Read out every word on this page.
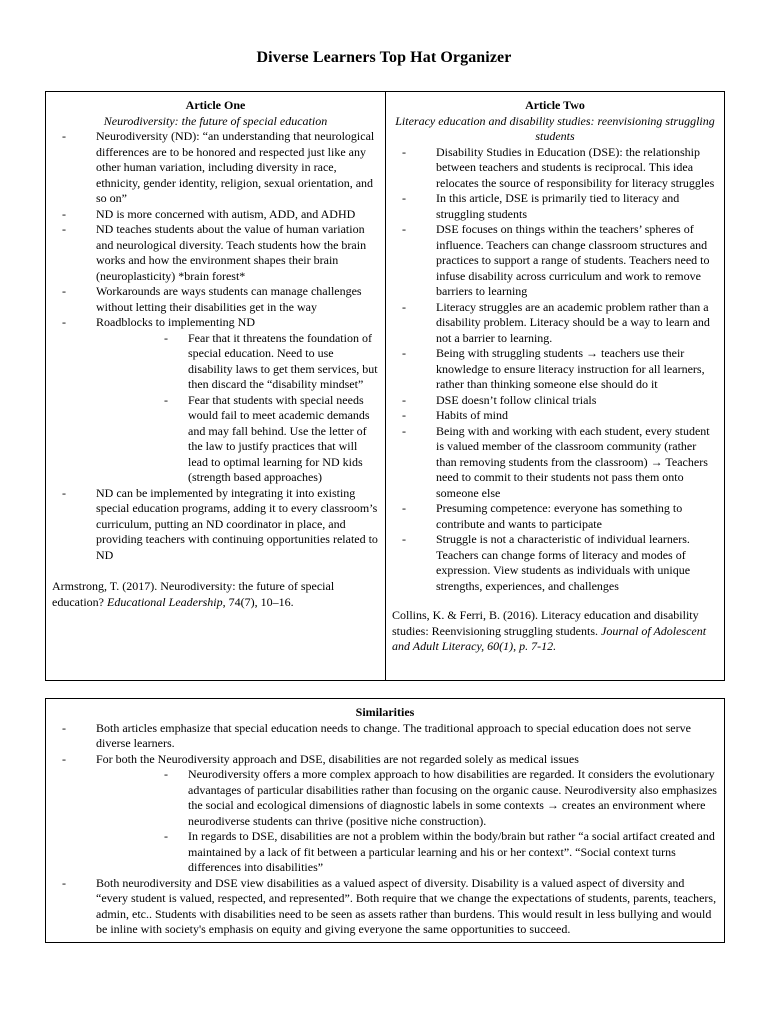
Diverse Learners Top Hat Organizer
Article One
Neurodiversity: the future of special education
- Neurodiversity (ND): “an understanding that neurological differences are to be honored and respected just like any other human variation, including diversity in race, ethnicity, gender identity, religion, sexual orientation, and so on”
- ND is more concerned with autism, ADD, and ADHD
- ND teaches students about the value of human variation and neurological diversity. Teach students how the brain works and how the environment shapes their brain (neuroplasticity) *brain forest*
- Workarounds are ways students can manage challenges without letting their disabilities get in the way
- Roadblocks to implementing ND
- Fear that it threatens the foundation of special education. Need to use disability laws to get them services, but then discard the “disability mindset”
- Fear that students with special needs would fail to meet academic demands and may fall behind. Use the letter of the law to justify practices that will lead to optimal learning for ND kids (strength based approaches)
- ND can be implemented by integrating it into existing special education programs, adding it to every classroom’s curriculum, putting an ND coordinator in place, and providing teachers with continuing opportunities related to ND
Armstrong, T. (2017). Neurodiversity: the future of special education? Educational Leadership, 74(7), 10–16.
Article Two
Literacy education and disability studies: reenvisioning struggling students
- Disability Studies in Education (DSE): the relationship between teachers and students is reciprocal. This idea relocates the source of responsibility for literacy struggles
- In this article, DSE is primarily tied to literacy and struggling students
- DSE focuses on things within the teachers’ spheres of influence. Teachers can change classroom structures and practices to support a range of students. Teachers need to infuse disability across curriculum and work to remove barriers to learning
- Literacy struggles are an academic problem rather than a disability problem. Literacy should be a way to learn and not a barrier to learning.
- Being with struggling students → teachers use their knowledge to ensure literacy instruction for all learners, rather than thinking someone else should do it
- DSE doesn’t follow clinical trials
- Habits of mind
- Being with and working with each student, every student is valued member of the classroom community (rather than removing students from the classroom) → Teachers need to commit to their students not pass them onto someone else
- Presuming competence: everyone has something to contribute and wants to participate
- Struggle is not a characteristic of individual learners. Teachers can change forms of literacy and modes of expression. View students as individuals with unique strengths, experiences, and challenges
Collins, K. & Ferri, B. (2016). Literacy education and disability studies: Reenvisioning struggling students. Journal of Adolescent and Adult Literacy, 60(1), p. 7-12.
Similarities
- Both articles emphasize that special education needs to change. The traditional approach to special education does not serve diverse learners.
- For both the Neurodiversity approach and DSE, disabilities are not regarded solely as medical issues
- Neurodiversity offers a more complex approach to how disabilities are regarded. It considers the evolutionary advantages of particular disabilities rather than focusing on the organic cause. Neurodiversity also emphasizes the social and ecological dimensions of diagnostic labels in some contexts → creates an environment where neurodiverse students can thrive (positive niche construction).
- In regards to DSE, disabilities are not a problem within the body/brain but rather “a social artifact created and maintained by a lack of fit between a particular learning and his or her context”. “Social context turns differences into disabilities”
- Both neurodiversity and DSE view disabilities as a valued aspect of diversity. Disability is a valued aspect of diversity and “every student is valued, respected, and represented”. Both require that we change the expectations of students, parents, teachers, admin, etc.. Students with disabilities need to be seen as assets rather than burdens. This would result in less bullying and would be inline with society's emphasis on equity and giving everyone the same opportunities to succeed.
